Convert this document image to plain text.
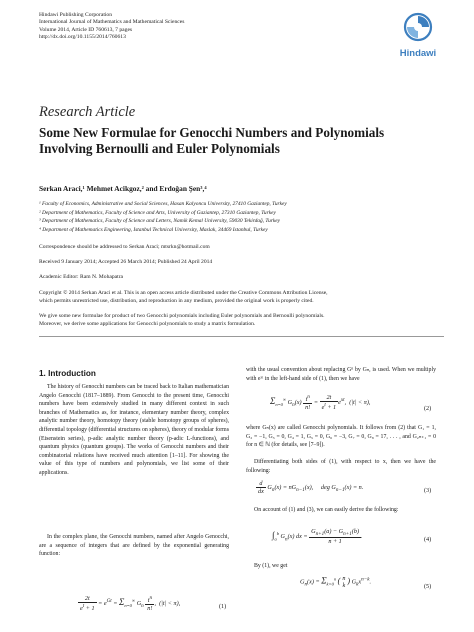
Hindawi Publishing Corporation
International Journal of Mathematics and Mathematical Sciences
Volume 2014, Article ID 760613, 7 pages
http://dx.doi.org/10.1155/2014/760613
Hindawi
Research Article
Some New Formulae for Genocchi Numbers and Polynomials
Involving Bernoulli and Euler Polynomials
Serkan Araci,¹ Mehmet Acikgoz,² and Erdoğan Şen³,⁴
¹ Faculty of Economics, Administrative and Social Sciences, Hasan Kalyoncu University, 27410 Gaziantep, Turkey
² Department of Mathematics, Faculty of Science and Arts, University of Gaziantep, 27310 Gaziantep, Turkey
³ Department of Mathematics, Faculty of Science and Letters, Namik Kemal University, 59030 Tekirdağ, Turkey
⁴ Department of Mathematics Engineering, Istanbul Technical University, Maslak, 34469 Istanbul, Turkey
Correspondence should be addressed to Serkan Araci; mtsrkn@hotmail.com
Received 9 January 2014; Accepted 26 March 2014; Published 24 April 2014
Academic Editor: Ram N. Mohapatra
Copyright © 2014 Serkan Araci et al. This is an open access article distributed under the Creative Commons Attribution License,
which permits unrestricted use, distribution, and reproduction in any medium, provided the original work is properly cited.
We give some new formulae for product of two Genocchi polynomials including Euler polynomials and Bernoulli polynomials.
Moreover, we derive some applications for Genocchi polynomials to study a matrix formulation.
1. Introduction
The history of Genocchi numbers can be traced back to Italian mathematician Angelo Genocchi (1817–1889). From Genocchi to the present time, Genocchi numbers have been extensively studied in many different context in such branches of Mathematics as, for instance, elementary number theory, complex analytic number theory, homotopy theory (stable homotopy groups of spheres), differential topology (differential structures on spheres), theory of modular forms (Eisenstein series), p-adic analytic number theory (p-adic L-functions), and quantum physics (quantum groups). The works of Genocchi numbers and their combinatorial relations have received much attention [1–11]. For showing the value of this type of numbers and polynomials, we list some of their applications.
In the complex plane, the Genocchi numbers, named after Angelo Genocchi, are a sequence of integers that are defined by the exponential generating function:
$\frac{2t}{e^t + 1} = e^{Gt} = \Sigma_{n=0}^\infty$ $G_n \frac{t^n}{n!}$ ,  (|t| < π),	(1)
with the usual convention about replacing Gⁿ by Gₙ, is used. When we multiply with eˣᵗ in the left-hand side of (1), then we have
$\Sigma_{n=0}^\infty$ $G_n(x) \frac{t^n}{n!} = \frac{2t}{e^t + 1} e^{xt}$,  (|t| < π),
(2)
where Gₙ(x) are called Genocchi polynomials. It follows from (2) that G₁ = 1, G₂ = −1, G₃ = 0, G₄ = 1, G₅ = 0, G₆ = −3, G₇ = 0, G₈ = 17, . . . , and G₂ₙ₊₁ = 0 for n ∈ ℕ (for details, see [7–9]).
Differentiating both sides of (1), with respect to x, then we have the following:
$\frac{d}{dx} G_n(x) = nG_{n-1}(x)$,     deg $G_{n-1}(x) = n$.	(3)
On account of (1) and (3), we can easily derive the following:
$\int_a^b$ $G_n(x)$ dx = $\frac{G_{n+1}(a) - G_{n+1}(b)}{n + 1}$ .	(4)
By (1), we get
$G_n(x) = \Sigma_{k=0}^n$ ( n
k
) $G_kx^{n-k}$.
(5)
